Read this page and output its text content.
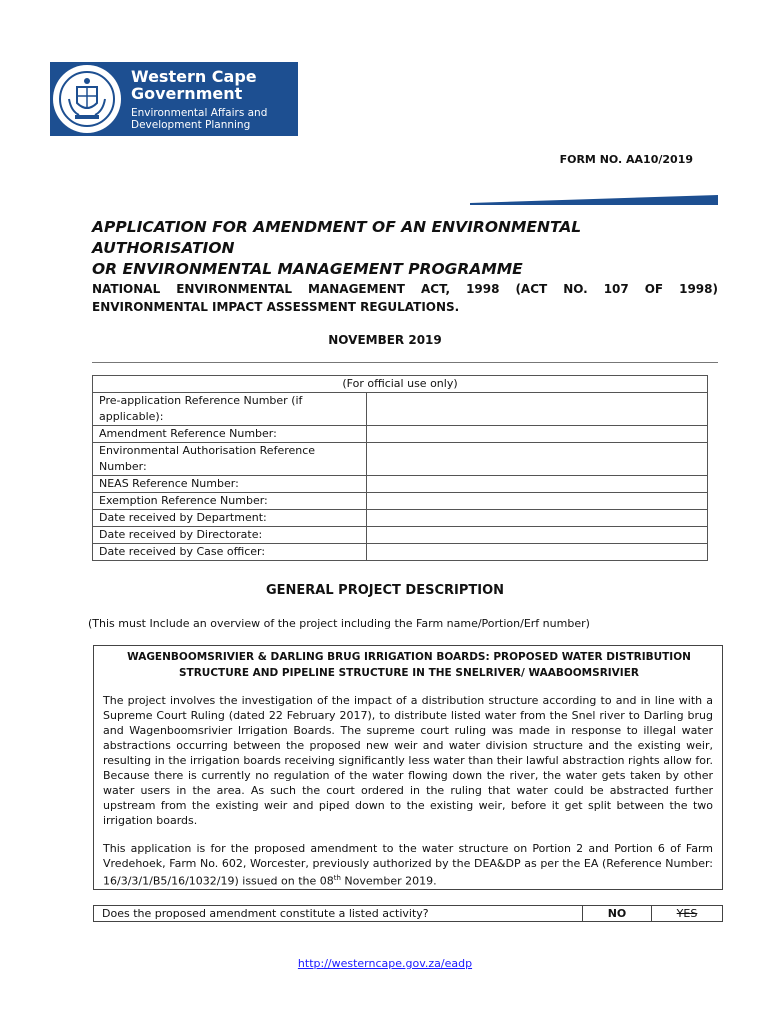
Western Cape
Government
Environmental Affairs and
Development Planning
FORM NO. AA10/2019
APPLICATION FOR AMENDMENT OF AN ENVIRONMENTAL AUTHORISATION
OR ENVIRONMENTAL MANAGEMENT PROGRAMME
NATIONAL ENVIRONMENTAL MANAGEMENT ACT, 1998 (ACT NO. 107 OF 1998)
ENVIRONMENTAL IMPACT ASSESSMENT REGULATIONS.
NOVEMBER 2019
(For official use only)	
Pre-application Reference Number (if applicable):	
Amendment Reference Number:	
Environmental Authorisation Reference Number:	
NEAS Reference Number:	
Exemption Reference Number:	
Date received by Department:	
Date received by Directorate:	
Date received by Case officer:	
GENERAL PROJECT DESCRIPTION
(This must Include an overview of the project including the Farm name/Portion/Erf number)
WAGENBOOMSRIVIER & DARLING BRUG IRRIGATION BOARDS: PROPOSED WATER DISTRIBUTION STRUCTURE AND PIPELINE STRUCTURE IN THE SNELRIVER/ WAABOOMSRIVIER
The project involves the investigation of the impact of a distribution structure according to and in line with a Supreme Court Ruling (dated 22 February 2017), to distribute listed water from the Snel river to Darling brug and Wagenboomsrivier Irrigation Boards. The supreme court ruling was made in response to illegal water abstractions occurring between the proposed new weir and water division structure and the existing weir, resulting in the irrigation boards receiving significantly less water than their lawful abstraction rights allow for. Because there is currently no regulation of the water flowing down the river, the water gets taken by other water users in the area. As such the court ordered in the ruling that water could be abstracted further upstream from the existing weir and piped down to the existing weir, before it get split between the two irrigation boards.
This application is for the proposed amendment to the water structure on Portion 2 and Portion 6 of Farm Vredehoek, Farm No. 602, Worcester, previously authorized by the DEA&DP as per the EA (Reference Number: 16/3/3/1/B5/16/1032/19) issued on the 08th November 2019.
Does the proposed amendment constitute a listed activity?	NO	YES
http://westerncape.gov.za/eadp
